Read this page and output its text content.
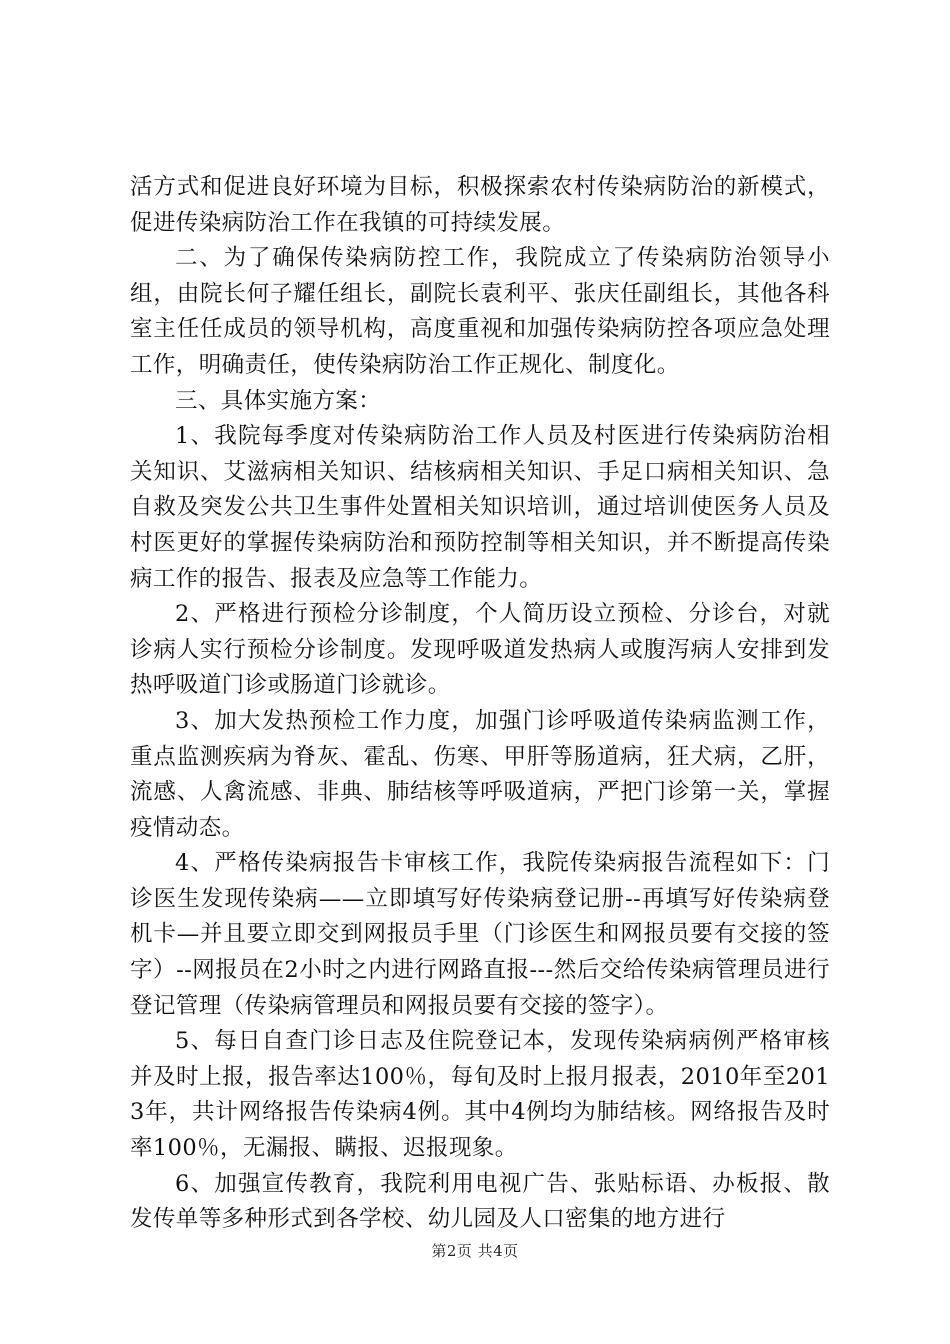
活方式和促进良好环境为目标，积极探索农村传染病防治的新模式，促进传染病防治工作在我镇的可持续发展。

二、为了确保传染病防控工作，我院成立了传染病防治领导小组，由院长何子耀任组长，副院长袁利平、张庆任副组长，其他各科室主任任成员的领导机构，高度重视和加强传染病防控各项应急处理工作，明确责任，使传染病防治工作正规化、制度化。

三、具体实施方案：

1、我院每季度对传染病防治工作人员及村医进行传染病防治相关知识、艾滋病相关知识、结核病相关知识、手足口病相关知识、急自救及突发公共卫生事件处置相关知识培训，通过培训使医务人员及村医更好的掌握传染病防治和预防控制等相关知识，并不断提高传染病工作的报告、报表及应急等工作能力。

2、严格进行预检分诊制度，个人简历设立预检、分诊台，对就诊病人实行预检分诊制度。发现呼吸道发热病人或腹泻病人安排到发热呼吸道门诊或肠道门诊就诊。

3、加大发热预检工作力度，加强门诊呼吸道传染病监测工作，重点监测疾病为脊灰、霍乱、伤寒、甲肝等肠道病，狂犬病，乙肝，流感、人禽流感、非典、肺结核等呼吸道病，严把门诊第一关，掌握疫情动态。

4、严格传染病报告卡审核工作，我院传染病报告流程如下：门诊医生发现传染病——立即填写好传染病登记册--再填写好传染病登机卡—并且要立即交到网报员手里（门诊医生和网报员要有交接的签字）--网报员在2小时之内进行网路直报---然后交给传染病管理员进行登记管理（传染病管理员和网报员要有交接的签字）。

5、每日自查门诊日志及住院登记本，发现传染病病例严格审核并及时上报，报告率达100％，每旬及时上报月报表，2010年至2013年，共计网络报告传染病4例。其中4例均为肺结核。网络报告及时率100％，无漏报、瞒报、迟报现象。

6、加强宣传教育，我院利用电视广告、张贴标语、办板报、散发传单等多种形式到各学校、幼儿园及人口密集的地方进行

第2页 共4页
